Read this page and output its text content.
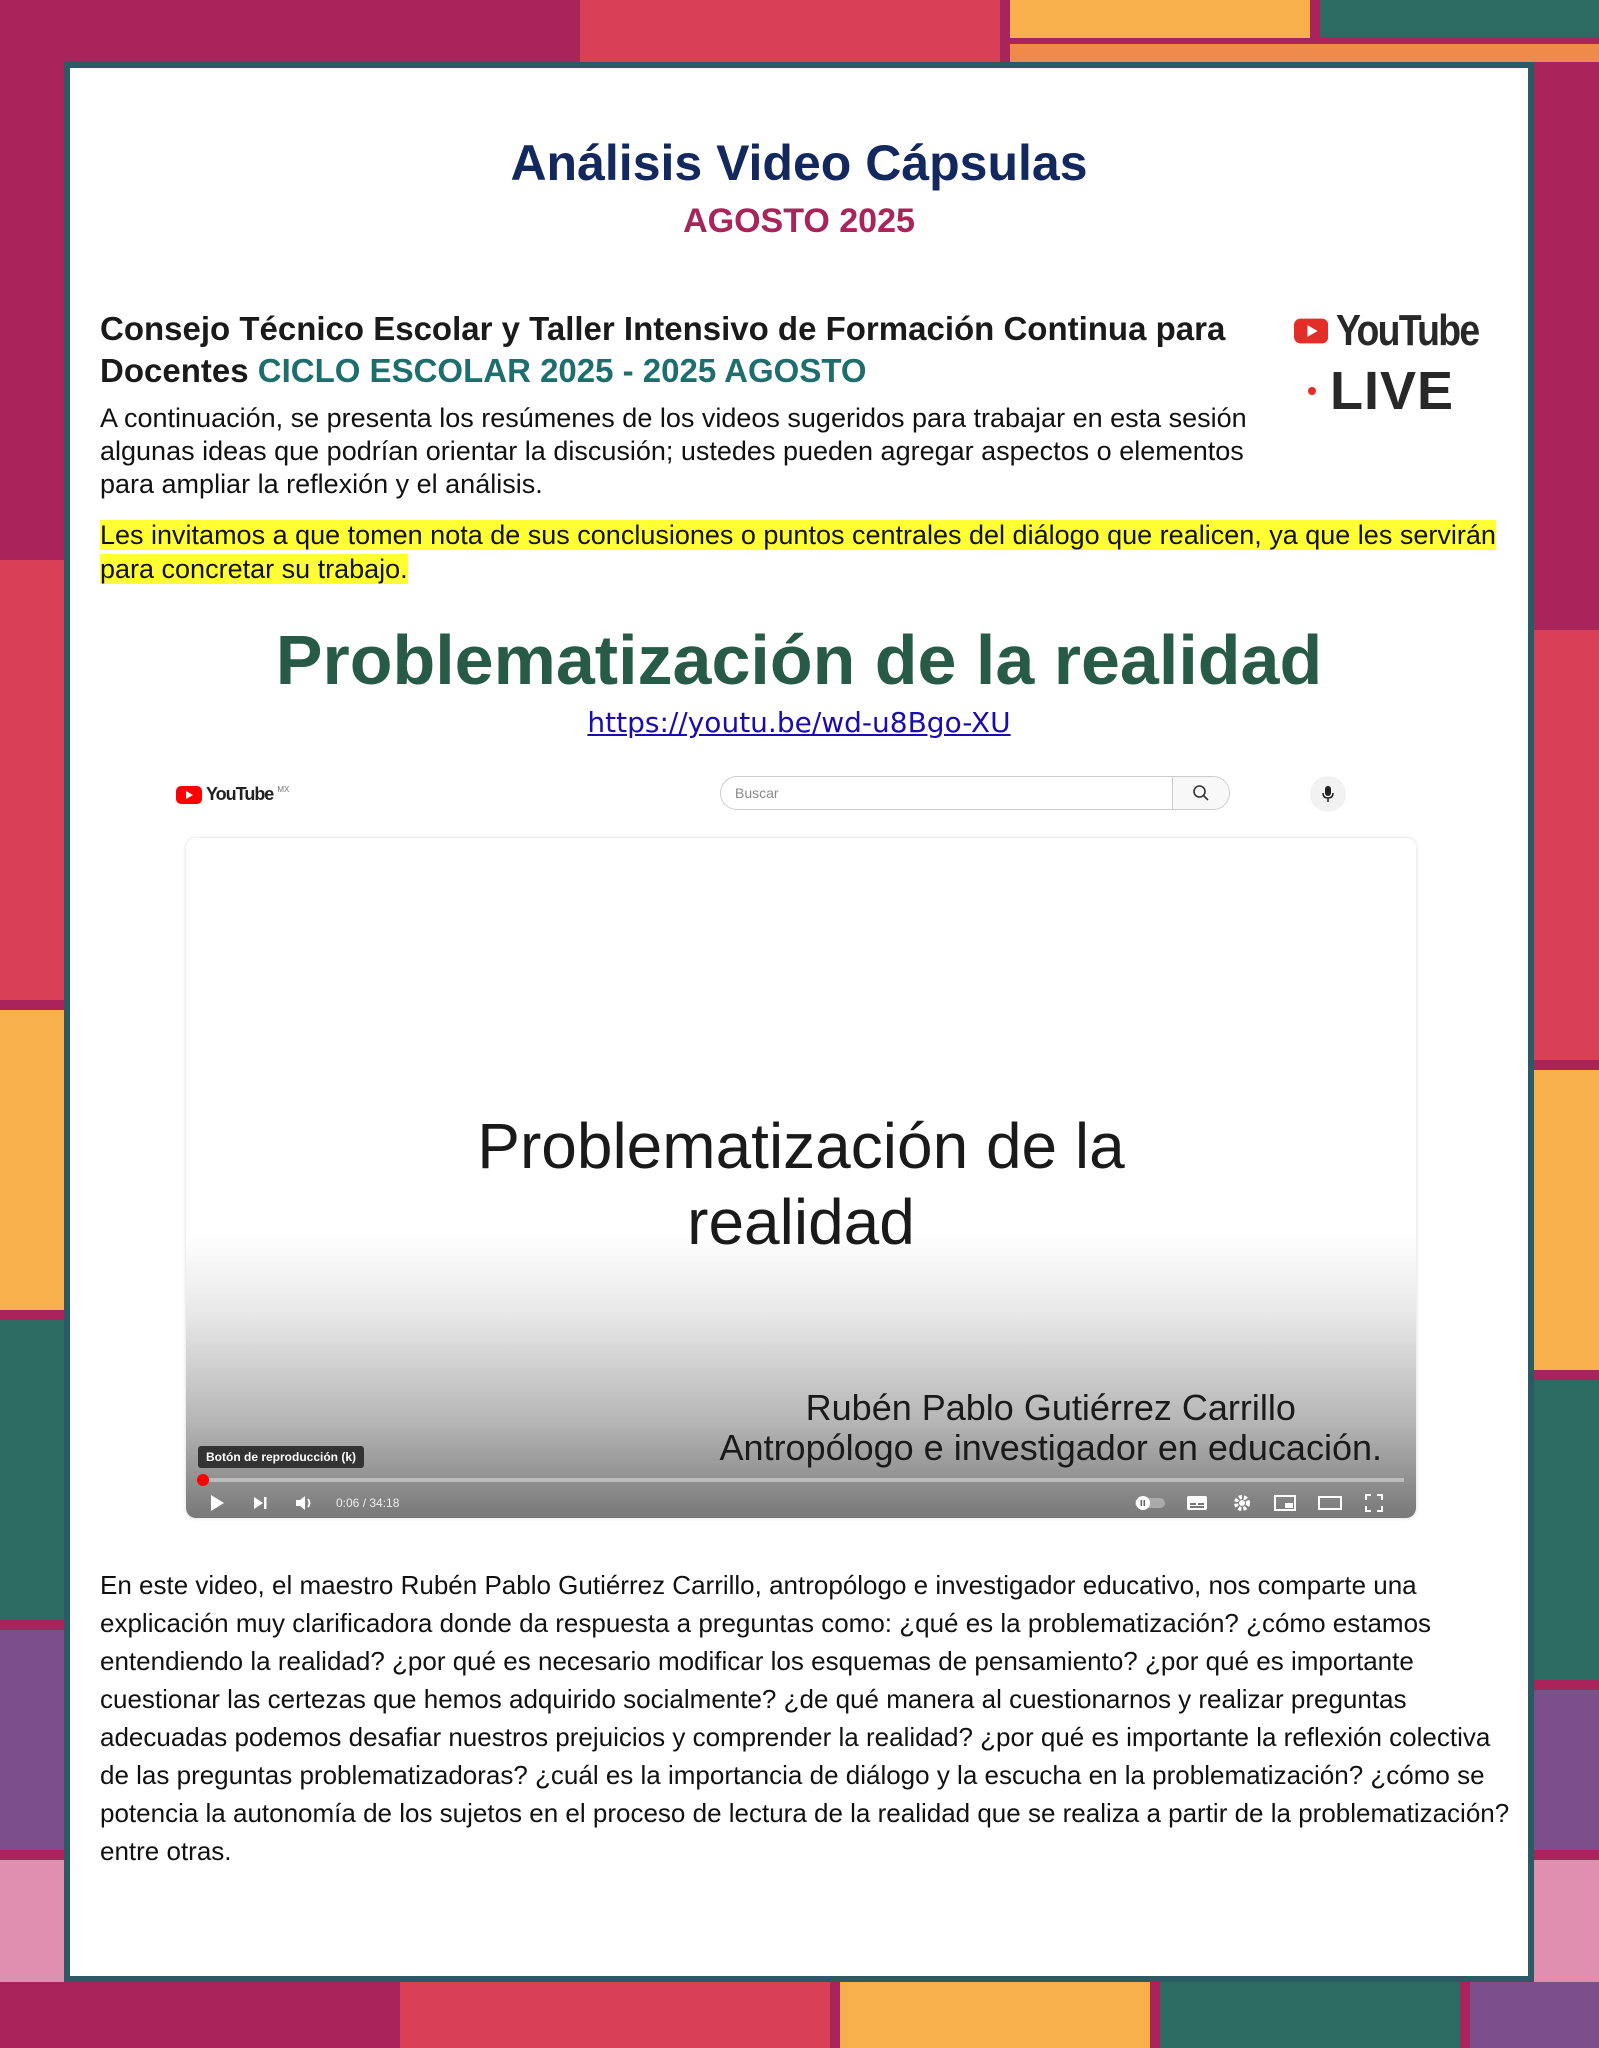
Análisis Video Cápsulas
AGOSTO 2025
Consejo Técnico Escolar y Taller Intensivo de Formación Continua para Docentes CICLO ESCOLAR 2025 - 2025 AGOSTO
YouTube
LIVE
A continuación, se presenta los resúmenes de los videos sugeridos para trabajar en esta sesión algunas ideas que podrían orientar la discusión; ustedes pueden agregar aspectos o elementos para ampliar la reflexión y el análisis.
Les invitamos a que tomen nota de sus conclusiones o puntos centrales del diálogo que realicen, ya que les servirán para concretar su trabajo.
Problematización de la realidad
https://youtu.be/wd-u8Bgo-XU
YouTube MX	Buscar
Problematización de la
realidad
Rubén Pablo Gutiérrez Carrillo
Antropólogo e investigador en educación.
Botón de reproducción (k)
0:06 / 34:18
En este video, el maestro Rubén Pablo Gutiérrez Carrillo, antropólogo e investigador educativo, nos comparte una explicación muy clarificadora donde da respuesta a preguntas como: ¿qué es la problematización? ¿cómo estamos entendiendo la realidad? ¿por qué es necesario modificar los esquemas de pensamiento? ¿por qué es importante cuestionar las certezas que hemos adquirido socialmente? ¿de qué manera al cuestionarnos y realizar preguntas adecuadas podemos desafiar nuestros prejuicios y comprender la realidad? ¿por qué es importante la reflexión colectiva de las preguntas problematizadoras? ¿cuál es la importancia de diálogo y la escucha en la problematización? ¿cómo se potencia la autonomía de los sujetos en el proceso de lectura de la realidad que se realiza a partir de la problematización? entre otras.
